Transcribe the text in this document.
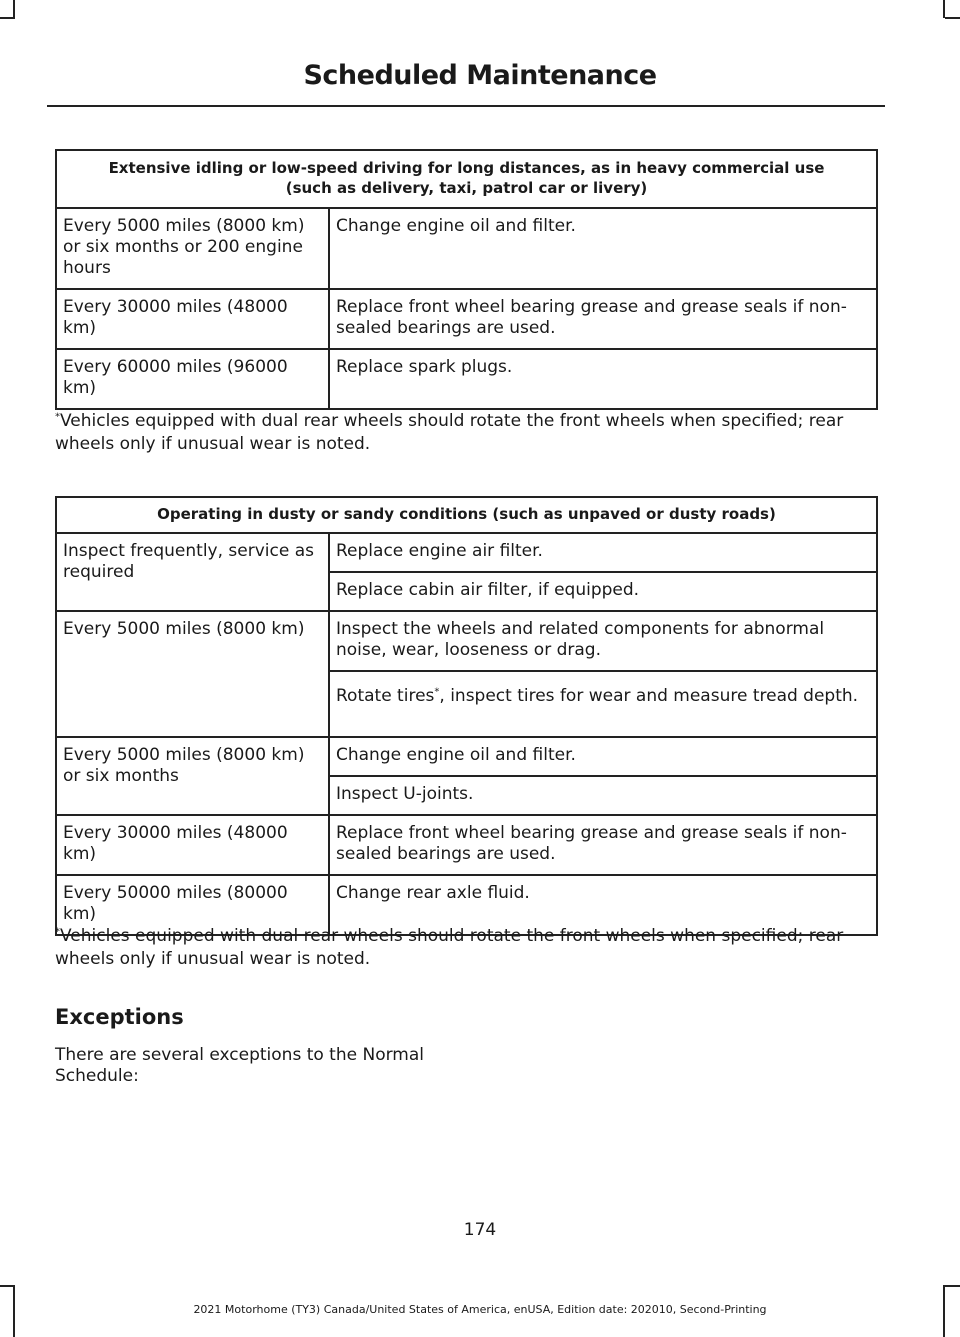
Scheduled Maintenance
Extensive idling or low-speed driving for long distances, as in heavy commercial use (such as delivery, taxi, patrol car or livery)	
Every 5000 miles (8000 km) or six months or 200 engine hours	Change engine oil and filter.
Every 30000 miles (48000 km)	Replace front wheel bearing grease and grease seals if non-sealed bearings are used.
Every 60000 miles (96000 km)	Replace spark plugs.
*Vehicles equipped with dual rear wheels should rotate the front wheels when specified; rear wheels only if unusual wear is noted.
Operating in dusty or sandy conditions (such as unpaved or dusty roads)	
Inspect frequently, service as required	Replace engine air filter.
	Replace cabin air filter, if equipped.
Every 5000 miles (8000 km)	Inspect the wheels and related components for abnormal noise, wear, looseness or drag.
	Rotate tires*, inspect tires for wear and measure tread depth.
Every 5000 miles (8000 km) or six months	Change engine oil and filter.
	Inspect U-joints.
Every 30000 miles (48000 km)	Replace front wheel bearing grease and grease seals if non-sealed bearings are used.
Every 50000 miles (80000 km)	Change rear axle fluid.
*Vehicles equipped with dual rear wheels should rotate the front wheels when specified; rear wheels only if unusual wear is noted.
Exceptions
There are several exceptions to the Normal Schedule:
174
2021 Motorhome (TY3) Canada/United States of America, enUSA, Edition date: 202010, Second-Printing
